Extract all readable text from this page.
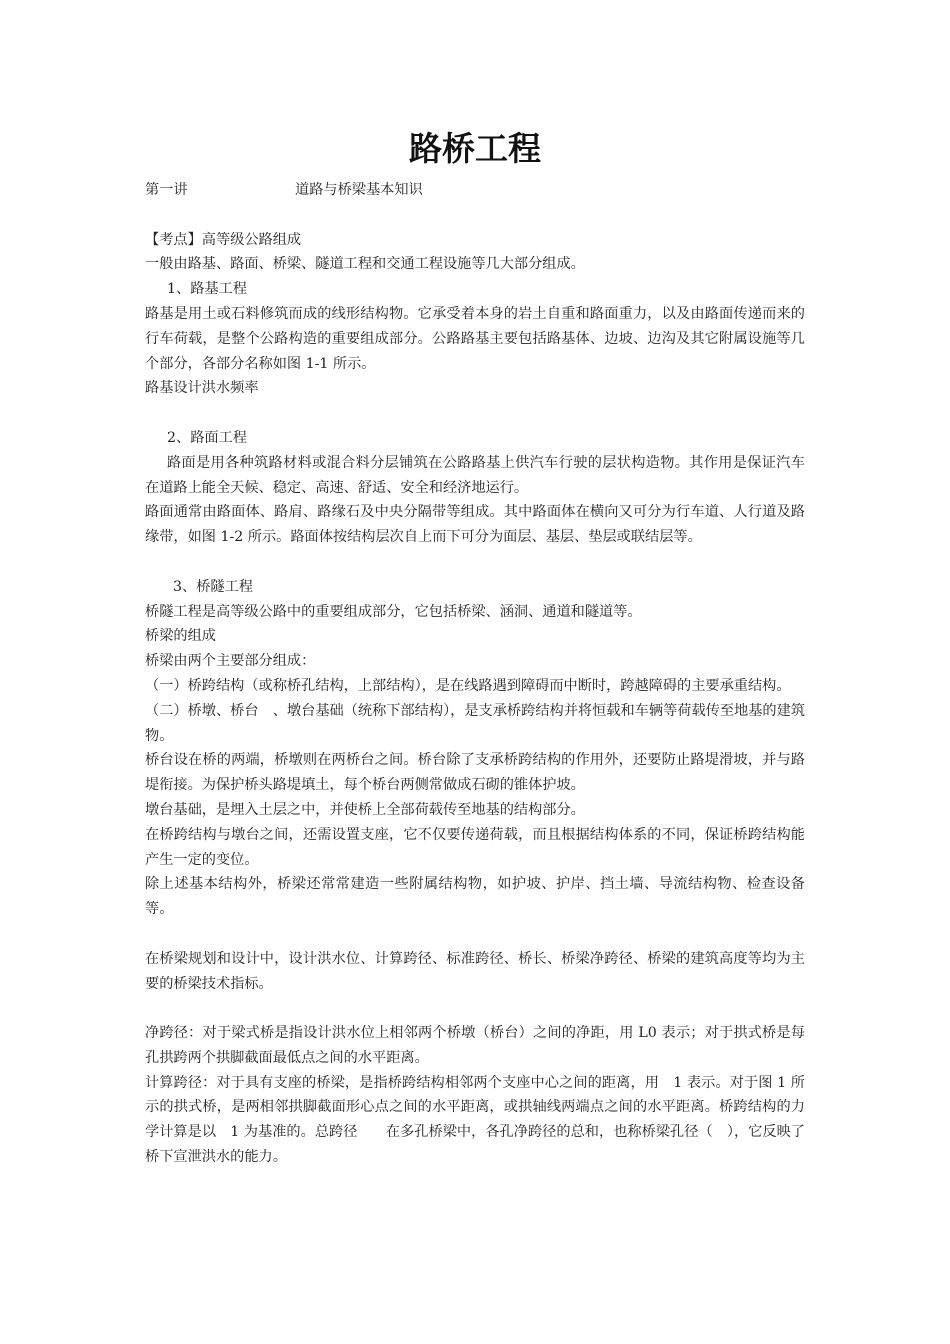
路桥工程
第一讲	道路与桥梁基本知识

【考点】高等级公路组成

一般由路基、路面、桥梁、隧道工程和交通工程设施等几大部分组成。

1、路基工程

路基是用土或石料修筑而成的线形结构物。它承受着本身的岩土自重和路面重力，以及由路面传递而来的行车荷载，是整个公路构造的重要组成部分。公路路基主要包括路基体、边坡、边沟及其它附属设施等几个部分，各部分名称如图 1-1 所示。

路基设计洪水频率

2、路面工程

路面是用各种筑路材料或混合料分层铺筑在公路路基上供汽车行驶的层状构造物。其作用是保证汽车在道路上能全天候、稳定、高速、舒适、安全和经济地运行。

路面通常由路面体、路肩、路缘石及中央分隔带等组成。其中路面体在横向又可分为行车道、人行道及路缘带，如图 1-2 所示。路面体按结构层次自上而下可分为面层、基层、垫层或联结层等。

3、桥隧工程

桥隧工程是高等级公路中的重要组成部分，它包括桥梁、涵洞、通道和隧道等。

桥梁的组成

桥梁由两个主要部分组成：

（一）桥跨结构（或称桥孔结构，上部结构），是在线路遇到障碍而中断时，跨越障碍的主要承重结构。

（二）桥墩、桥台　、墩台基础（统称下部结构），是支承桥跨结构并将恒载和车辆等荷载传至地基的建筑物。

桥台设在桥的两端，桥墩则在两桥台之间。桥台除了支承桥跨结构的作用外，还要防止路堤滑坡，并与路堤衔接。为保护桥头路堤填土，每个桥台两侧常做成石砌的锥体护坡。

墩台基础，是埋入土层之中，并使桥上全部荷载传至地基的结构部分。

在桥跨结构与墩台之间，还需设置支座，它不仅要传递荷载，而且根据结构体系的不同，保证桥跨结构能产生一定的变位。

除上述基本结构外，桥梁还常常建造一些附属结构物，如护坡、护岸、挡土墙、导流结构物、检查设备等。

在桥梁规划和设计中，设计洪水位、计算跨径、标准跨径、桥长、桥梁净跨径、桥梁的建筑高度等均为主要的桥梁技术指标。

净跨径：对于梁式桥是指设计洪水位上相邻两个桥墩（桥台）之间的净距，用 L0 表示；对于拱式桥是每孔拱跨两个拱脚截面最低点之间的水平距离。

计算跨径：对于具有支座的桥梁，是指桥跨结构相邻两个支座中心之间的距离，用　1 表示。对于图 1 所示的拱式桥，是两相邻拱脚截面形心点之间的水平距离，或拱轴线两端点之间的水平距离。桥跨结构的力学计算是以　1 为基准的。总跨径　　在多孔桥梁中，各孔净跨径的总和，也称桥梁孔径（　），它反映了桥下宣泄洪水的能力。
